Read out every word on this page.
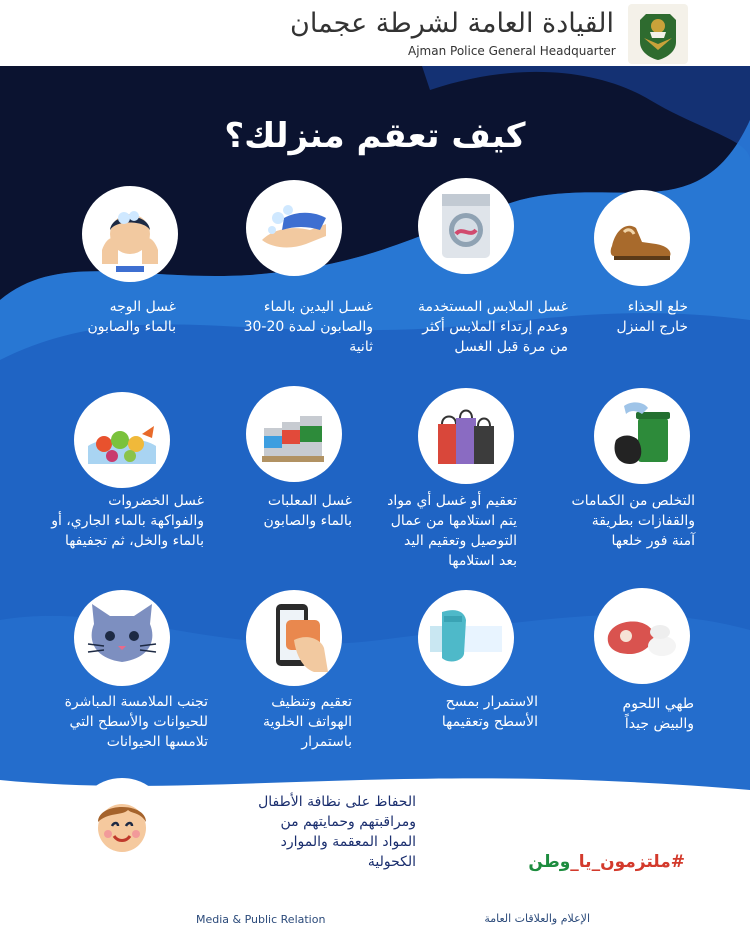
القيادة العامة لشرطة عجمان
Ajman Police General Headquarter
كيف تعقم منزلك؟
خلع الحذاء
خارج المنزل
غسل الملابس المستخدمة
وعدم إرتداء الملابس أكثر
من مرة قبل الغسل
غسـل اليدين بالماء
والصابون لمدة 20-30
ثانية
غسل الوجه
بالماء والصابون
التخلص من الكمامات
والقفازات بطريقة
آمنة فور خلعها
تعقيم أو غسل أي مواد
يتم استلامها من عمال
التوصيل وتعقيم اليد
بعد استلامها
غسل المعلبات
بالماء والصابون
غسل الخضروات
والفواكهة بالماء الجاري، أو
بالماء والخل، ثم تجفيفها
طهي اللحوم
والبيض جيداً
الاستمرار بمسح
الأسطح وتعقيمها
تعقيم وتنظيف
الهواتف الخلوية
باستمرار
تجنب الملامسة المباشرة
للحيوانات والأسطح التي
تلامسها الحيوانات
الحفاظ على نظافة الأطفال
ومراقبتهم وحمايتهم من
المواد المعقمة والموارد
الكحولية	#ملتزمون_يا_وطن
Media & Public Relation	الإعلام والعلاقات العامة
